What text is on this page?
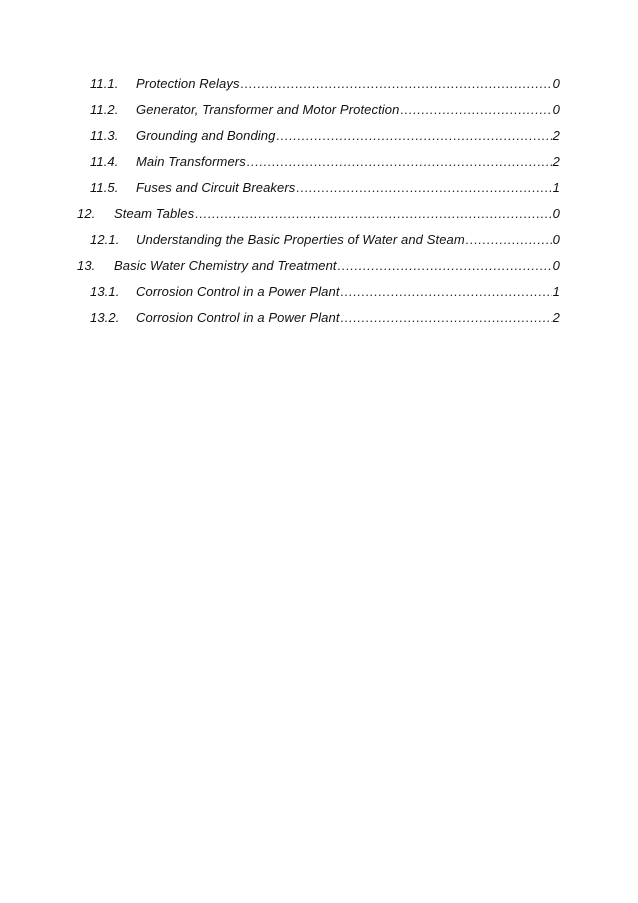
11.1. Protection Relays .....	0
11.2. Generator, Transformer and Motor Protection .....	0
11.3. Grounding and Bonding .....	2
11.4. Main Transformers .....	2
11.5. Fuses and Circuit Breakers .....	1
12. Steam Tables .....	0
12.1. Understanding the Basic Properties of Water and Steam .....	0
13. Basic Water Chemistry and Treatment .....	0
13.1. Corrosion Control in a Power Plant .....	1
13.2. Corrosion Control in a Power Plant .....	2
